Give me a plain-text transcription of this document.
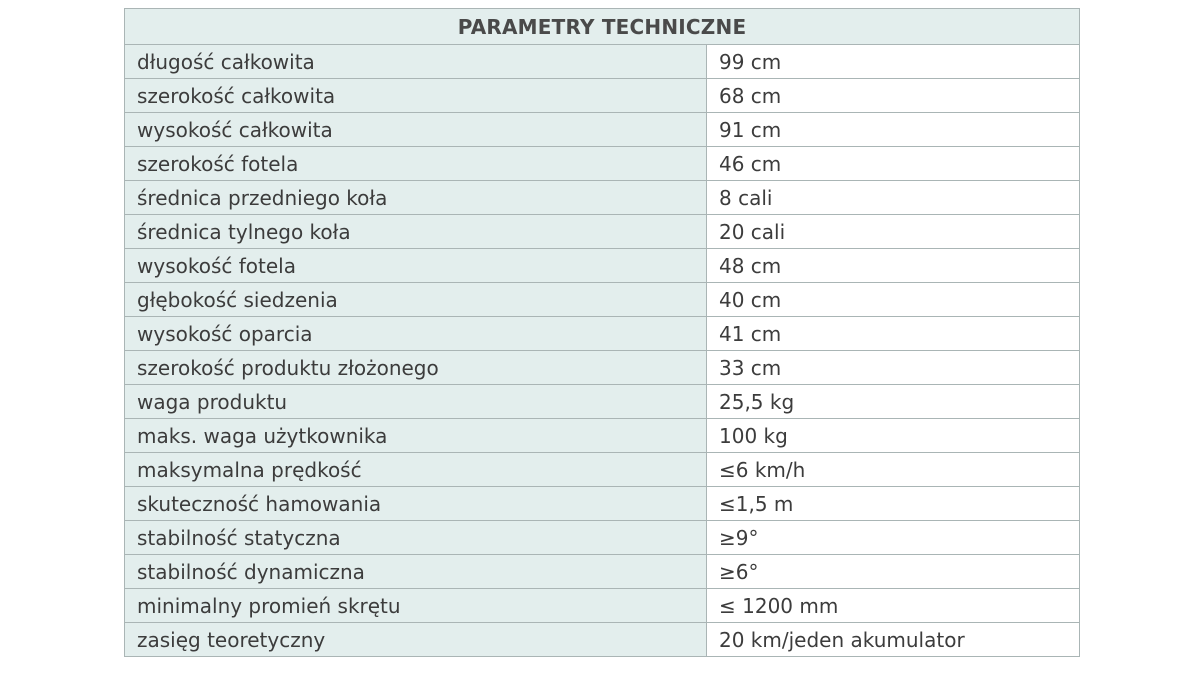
PARAMETRY TECHNICZNE	
długość całkowita	99 cm
szerokość całkowita	68 cm
wysokość całkowita	91 cm
szerokość fotela	46 cm
średnica przedniego koła	8 cali
średnica tylnego koła	20 cali
wysokość fotela	48 cm
głębokość siedzenia	40 cm
wysokość oparcia	41 cm
szerokość produktu złożonego	33 cm
waga produktu	25,5 kg
maks. waga użytkownika	100 kg
maksymalna prędkość	≤6 km/h
skuteczność hamowania	≤1,5 m
stabilność statyczna	≥9°
stabilność dynamiczna	≥6°
minimalny promień skrętu	≤ 1200 mm
zasięg teoretyczny	20 km/jeden akumulator
